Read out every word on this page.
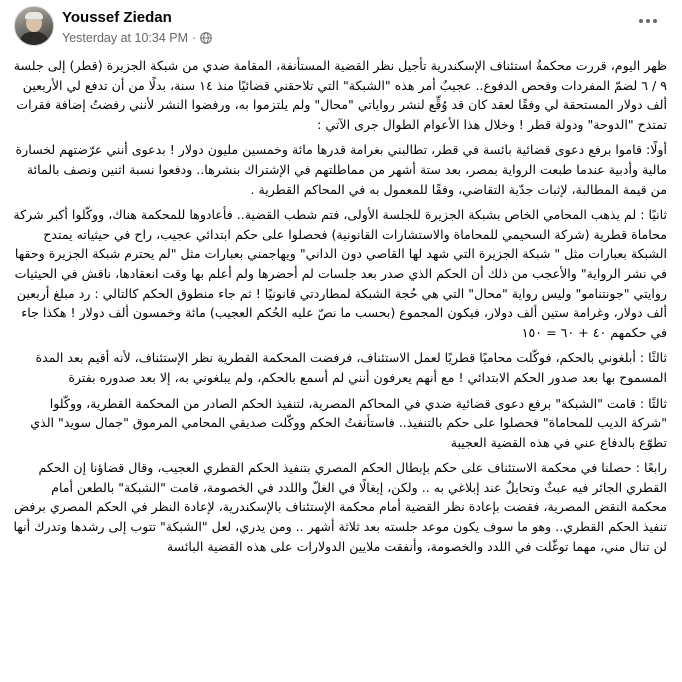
Youssef Ziedan
Yesterday at 10:34 PM ·

ظهر اليوم، قررت محكمةُ استئناف الإسكندرية تأجيل نظر القضية المستأنفة، المقامة ضدي من شبكة الجزيرة (قطر) إلى جلسة ٩ / ٦ لضمّ المفردات وفحص الدفوع.. عجيبٌ أمر هذه "الشبكة" التي تلاحقني قضائيًا منذ ١٤ سنة، بدلًا من أن تدفع لي الأربعين ألف دولار المستحقة لي وفقًا لعقد كان قد وُقِّع لنشر رواياتي "محال" ولم يلتزموا به، ورفضوا النشر لأنني رفضتُ إضافة فقرات تمتدح "الدوحة" ودولة قطر ! وخلال هذا الأعوام الطوال جرى الآتي :

أولًا: قاموا برفع دعوى قضائية بائسة في قطر، تطالبني بغرامة قدرها مائة وخمسين مليون دولار ! بدعوى أنني عرّضتهم لخسارة مالية وأدبية عندما طبعت الرواية بمصر، بعد ستة أشهر من مماطلتهم في الإشتراك بنشرها.. ودفعوا نسبة اثنين ونصف بالمائة من قيمة المطالبة، لإثبات جدّية التقاضي، وفقًا للمعمول به في المحاكم القطرية .

ثانيًا : لم يذهب المحامي الخاص بشبكة الجزيرة للجلسة الأولى، فتم شطب القضية.. فأعادوها للمحكمة هناك، ووكّلوا أكبر شركة محاماة قطرية (شركة السحيمي للمحاماة والاستشارات القانونية) فحصلوا على حكم ابتدائي عجيب، راح في حيثياته يمتدح الشبكة بعبارات مثل " شبكة الجزيرة التي شهد لها القاصي دون الداني" ويهاجمني بعبارات مثل "لم يحترم شبكة الجزيرة وحقها في نشر الرواية" والأعجب من ذلك أن الحكم الذي صدر بعد جلسات لم أحضرها ولم أعلم بها وقت انعقادها، ناقش في الحيثيات روايتي "جونتنامو" وليس رواية "محال" التي هي حُجة الشبكة لمطاردتي قانونيًا ! ثم جاء منطوق الحكم كالتالي : رد مبلغ أربعين ألف دولار، وغرامة ستين ألف دولار، فيكون المجموع (بحسب ما نصّ عليه الحُكم العجيب) مائة وخمسون ألف دولار ! هكذا جاء في حكمهم ٤٠ + ٦٠ = ١٥٠

ثالثًا : أبلغوني بالحكم، فوكّلت محاميًا قطريًا لعمل الاستئناف، فرفضت المحكمة القطرية نظر الإستئناف، لأنه أقيم بعد المدة المسموح بها بعد صدور الحكم الابتدائي ! مع أنهم يعرفون أنني لم أسمع بالحكم، ولم يبلغوني به، إلا بعد صدوره بفترة

ثالثًا : قامت "الشبكة" برفع دعوى قضائية ضدي في المحاكم المصرية، لتنفيذ الحكم الصادر من المحكمة القطرية، ووكّلوا "شركة الديب للمحاماة" فحصلوا على حكم بالتنفيذ.. فاستأنفتُ الحكم ووكّلت صديقي المحامي المرموق "جمال سويد" الذي تطوّع بالدفاع عني في هذه القضية العجيبة

رابعًا : حصلنا في محكمة الاستئناف على حكم بإبطال الحكم المصري بتنفيذ الحكم القطري العجيب، وقال قضاؤنا إن الحكم القطري الجائر فيه عبثٌ وتحايلٌ عند إبلاغي به .. ولكن، إيغالًا في الغلّ واللدد في الخصومة، قامت "الشبكة" بالطعن أمام محكمة النقض المصرية، فقضت بإعادة نظر القضية أمام محكمة الإستئناف بالإسكندرية، لإعادة النظر في الحكم المصري برفض تنفيذ الحكم القطري.. وهو ما سوف يكون موعد جلسته بعد ثلاثة أشهر .. ومن يدري، لعل "الشبكة" تتوب إلى رشدها وتدرك أنها لن تنال مني، مهما توغّلت في اللدد والخصومة، وأنفقت ملايين الدولارات على هذه القضية البائسة
